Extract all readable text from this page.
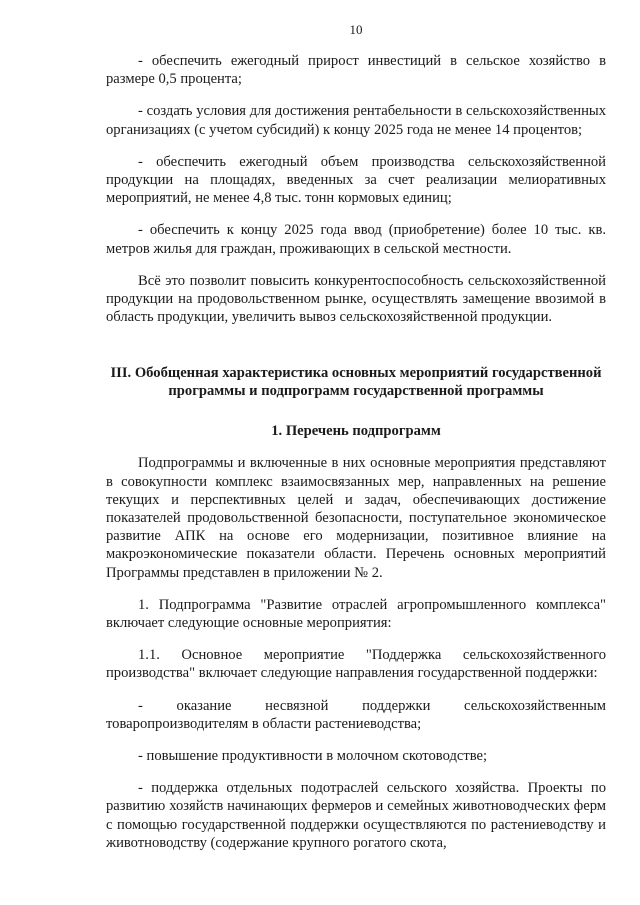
10

- обеспечить ежегодный прирост инвестиций в сельское хозяйство в размере 0,5 процента;

- создать условия для достижения рентабельности в сельскохозяйственных организациях (с учетом субсидий) к концу 2025 года не менее 14 процентов;

- обеспечить ежегодный объем производства сельскохозяйственной продукции на площадях, введенных за счет реализации мелиоративных мероприятий, не менее 4,8 тыс. тонн кормовых единиц;

- обеспечить к концу 2025 года ввод (приобретение) более 10 тыс. кв. метров жилья для граждан, проживающих в сельской местности.

Всё это позволит повысить конкурентоспособность сельскохозяйственной продукции на продовольственном рынке, осуществлять замещение ввозимой в область продукции, увеличить вывоз сельскохозяйственной продукции.

III. Обобщенная характеристика основных мероприятий государственной программы и подпрограмм государственной программы
1. Перечень подпрограмм

Подпрограммы и включенные в них основные мероприятия представляют в совокупности комплекс взаимосвязанных мер, направленных на решение текущих и перспективных целей и задач, обеспечивающих достижение показателей продовольственной безопасности, поступательное экономическое развитие АПК на основе его модернизации, позитивное влияние на макроэкономические показатели области. Перечень основных мероприятий Программы представлен в приложении № 2.

1. Подпрограмма "Развитие отраслей агропромышленного комплекса" включает следующие основные мероприятия:

1.1. Основное мероприятие "Поддержка сельскохозяйственного производства" включает следующие направления государственной поддержки:

- оказание несвязной поддержки сельскохозяйственным товаропроизводителям в области растениеводства;

- повышение продуктивности в молочном скотоводстве;

- поддержка отдельных подотраслей сельского хозяйства. Проекты по развитию хозяйств начинающих фермеров и семейных животноводческих ферм с помощью государственной поддержки осуществляются по растениеводству и животноводству (содержание крупного рогатого скота,
